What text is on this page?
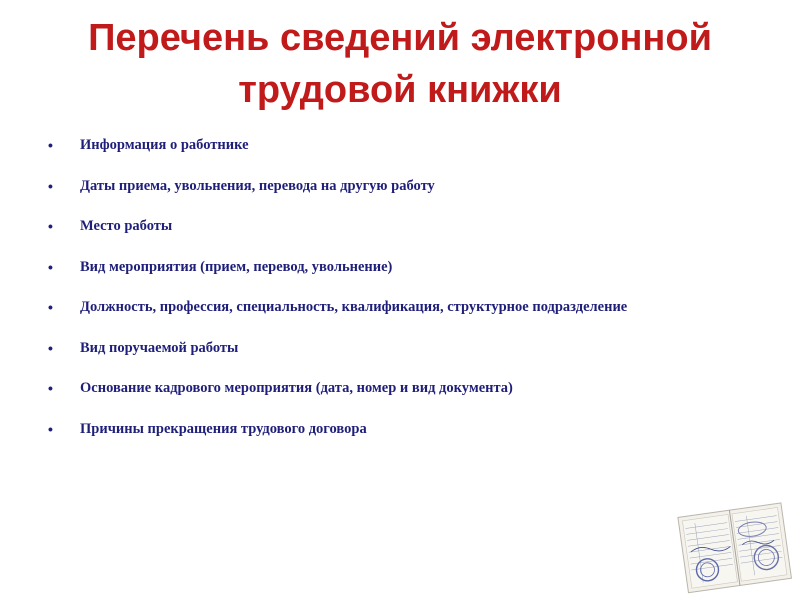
Перечень сведений электронной
трудовой книжки
• Информация о работнике
• Даты приема, увольнения, перевода на другую работу
• Место работы
• Вид мероприятия (прием, перевод, увольнение)
• Должность, профессия, специальность, квалификация, структурное подразделение
• Вид поручаемой работы
• Основание кадрового мероприятия (дата, номер и вид документа)
• Причины прекращения трудового договора
